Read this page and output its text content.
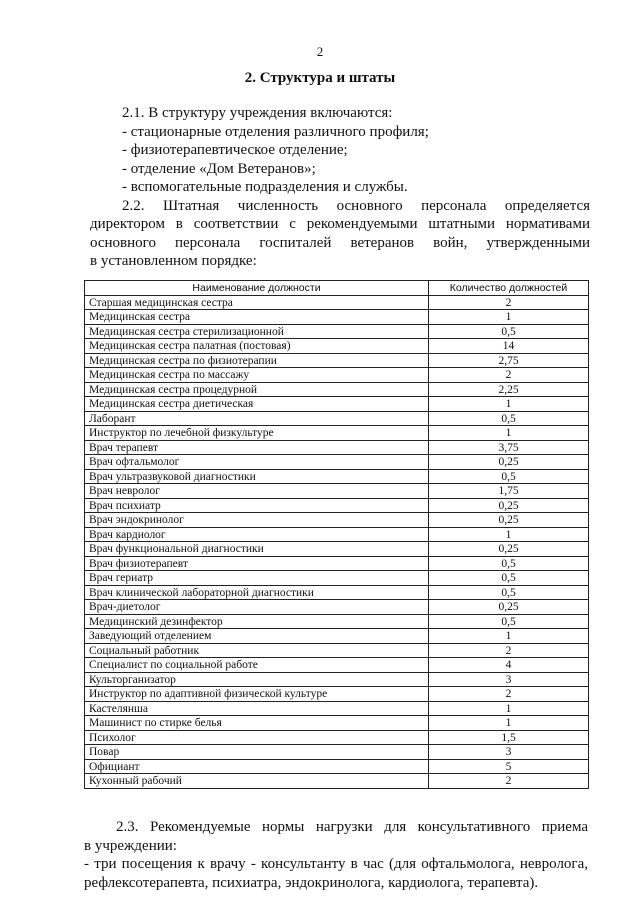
2
2. Структура и штаты

2.1. В структуру учреждения включаются:

- стационарные отделения различного профиля;

- физиотерапевтическое отделение;

- отделение «Дом Ветеранов»;

- вспомогательные подразделения и службы.

2.2. Штатная численность основного персонала определяется

директором в соответствии с рекомендуемыми штатными нормативами

основного персонала госпиталей ветеранов войн, утвержденными

в установленном порядке:

Наименование должности	Количество должностей
Старшая медицинская сестра	2
Медицинская сестра	1
Медицинская сестра стерилизационной	0,5
Медицинская сестра палатная (постовая)	14
Медицинская сестра по физиотерапии	2,75
Медицинская сестра по массажу	2
Медицинская сестра процедурной	2,25
Медицинская сестра диетическая	1
Лаборант	0,5
Инструктор по лечебной физкультуре	1
Врач терапевт	3,75
Врач офтальмолог	0,25
Врач ультразвуковой диагностики	0,5
Врач невролог	1,75
Врач психиатр	0,25
Врач эндокринолог	0,25
Врач кардиолог	1
Врач функциональной диагностики	0,25
Врач физиотерапевт	0,5
Врач гериатр	0,5
Врач клинической лабораторной диагностики	0,5
Врач-диетолог	0,25
Медицинский дезинфектор	0,5
Заведующий отделением	1
Социальный работник	2
Специалист по социальной работе	4
Культорганизатор	3
Инструктор по адаптивной физической культуре	2
Кастелянша	1
Машинист по стирке белья	1
Психолог	1,5
Повар	3
Официант	5
Кухонный рабочий	2

2.3. Рекомендуемые нормы нагрузки для консультативного приема

в учреждении:

- три посещения к врачу - консультанту в час (для офтальмолога, невролога,

рефлексотерапевта, психиатра, эндокринолога, кардиолога, терапевта).
